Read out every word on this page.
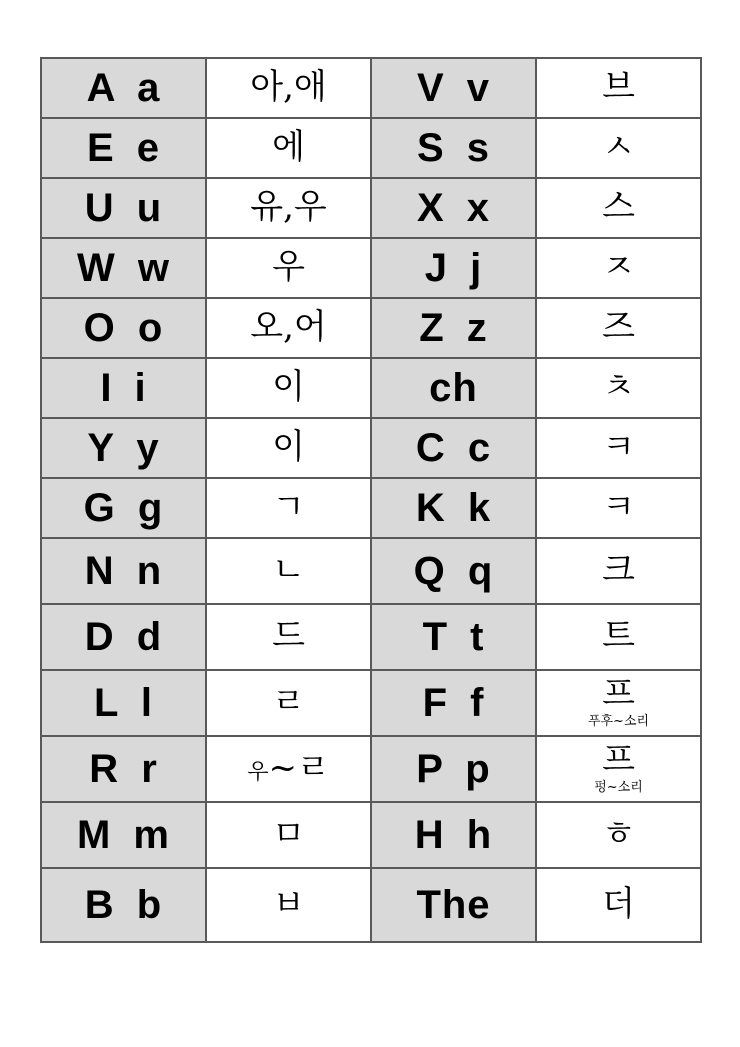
A a	아,애	V v	브

E e	에	S s	ㅅ

U u	유,우	X x	스

W w	우	J j	ㅈ

O o	오,어	Z z	즈

I i	이	ch	ㅊ

Y y	이	C c	ㅋ

G g	ㄱ	K k	ㅋ

N n	ㄴ	Q q	크

D d	드	T t	트

L l	ㄹ	F f	프
푸후~소리

R r	우~ㄹ	P p	프
펑~소리

M m	ㅁ	H h	ㅎ

B b	ㅂ	The	더
